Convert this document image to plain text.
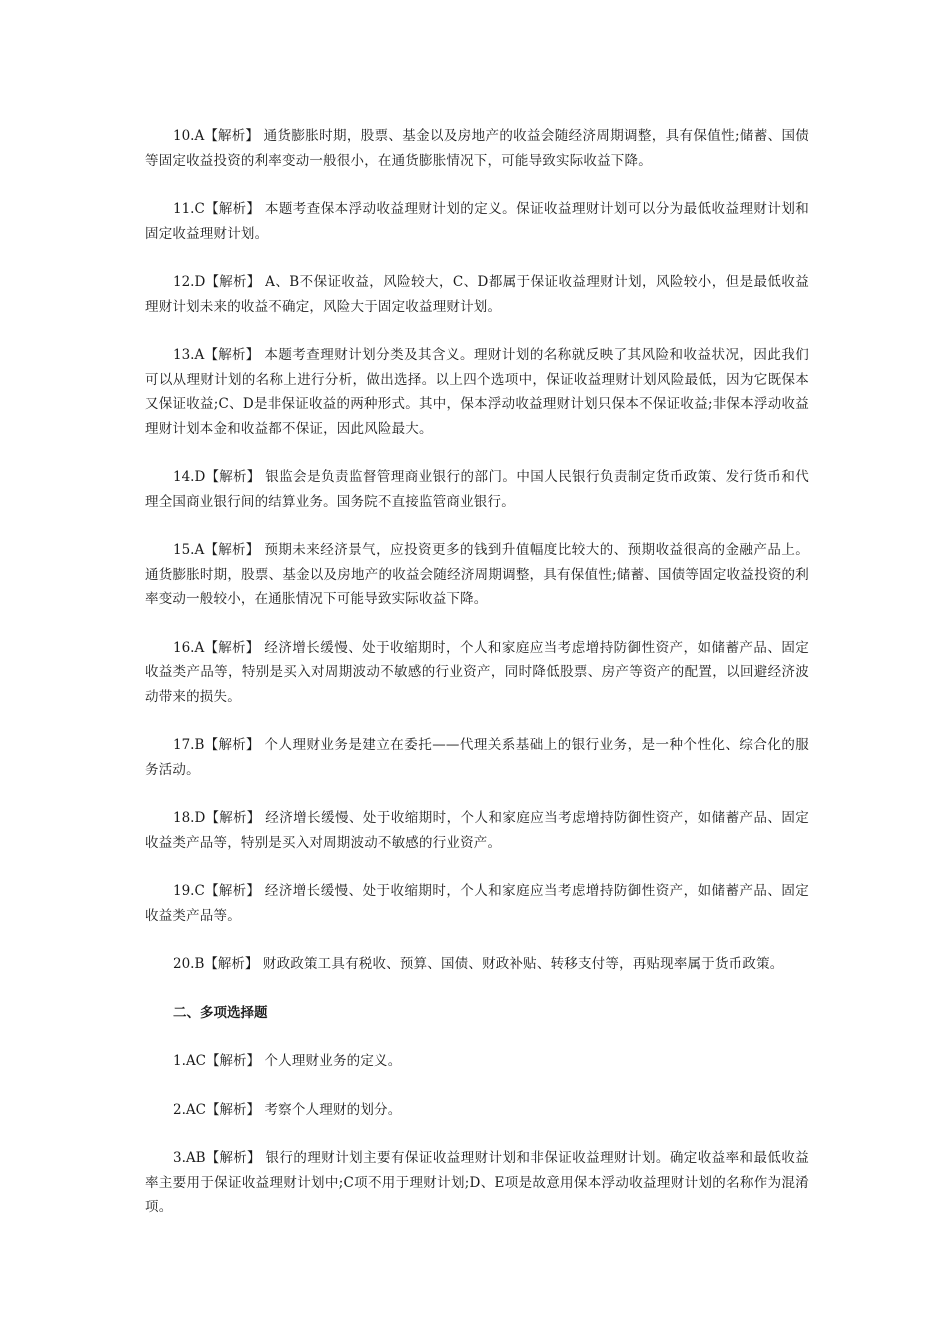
10.A【解析】 通货膨胀时期，股票、基金以及房地产的收益会随经济周期调整，具有保值性;储蓄、国债等固定收益投资的利率变动一般很小，在通货膨胀情况下，可能导致实际收益下降。

11.C【解析】 本题考查保本浮动收益理财计划的定义。保证收益理财计划可以分为最低收益理财计划和固定收益理财计划。

12.D【解析】 A、B不保证收益，风险较大，C、D都属于保证收益理财计划，风险较小，但是最低收益理财计划未来的收益不确定，风险大于固定收益理财计划。

13.A【解析】 本题考查理财计划分类及其含义。理财计划的名称就反映了其风险和收益状况，因此我们可以从理财计划的名称上进行分析，做出选择。以上四个选项中，保证收益理财计划风险最低，因为它既保本又保证收益;C、D是非保证收益的两种形式。其中，保本浮动收益理财计划只保本不保证收益;非保本浮动收益理财计划本金和收益都不保证，因此风险最大。

14.D【解析】 银监会是负责监督管理商业银行的部门。中国人民银行负责制定货币政策、发行货币和代理全国商业银行间的结算业务。国务院不直接监管商业银行。

15.A【解析】 预期未来经济景气，应投资更多的钱到升值幅度比较大的、预期收益很高的金融产品上。通货膨胀时期，股票、基金以及房地产的收益会随经济周期调整，具有保值性;储蓄、国债等固定收益投资的利率变动一般较小，在通胀情况下可能导致实际收益下降。

16.A【解析】 经济增长缓慢、处于收缩期时，个人和家庭应当考虑增持防御性资产，如储蓄产品、固定收益类产品等，特别是买入对周期波动不敏感的行业资产，同时降低股票、房产等资产的配置，以回避经济波动带来的损失。

17.B【解析】 个人理财业务是建立在委托——代理关系基础上的银行业务，是一种个性化、综合化的服务活动。

18.D【解析】 经济增长缓慢、处于收缩期时，个人和家庭应当考虑增持防御性资产，如储蓄产品、固定收益类产品等，特别是买入对周期波动不敏感的行业资产。

19.C【解析】 经济增长缓慢、处于收缩期时，个人和家庭应当考虑增持防御性资产，如储蓄产品、固定收益类产品等。

20.B【解析】 财政政策工具有税收、预算、国债、财政补贴、转移支付等，再贴现率属于货币政策。

二、多项选择题

1.AC【解析】 个人理财业务的定义。

2.AC【解析】 考察个人理财的划分。

3.AB【解析】 银行的理财计划主要有保证收益理财计划和非保证收益理财计划。确定收益率和最低收益率主要用于保证收益理财计划中;C项不用于理财计划;D、E项是故意用保本浮动收益理财计划的名称作为混淆项。
